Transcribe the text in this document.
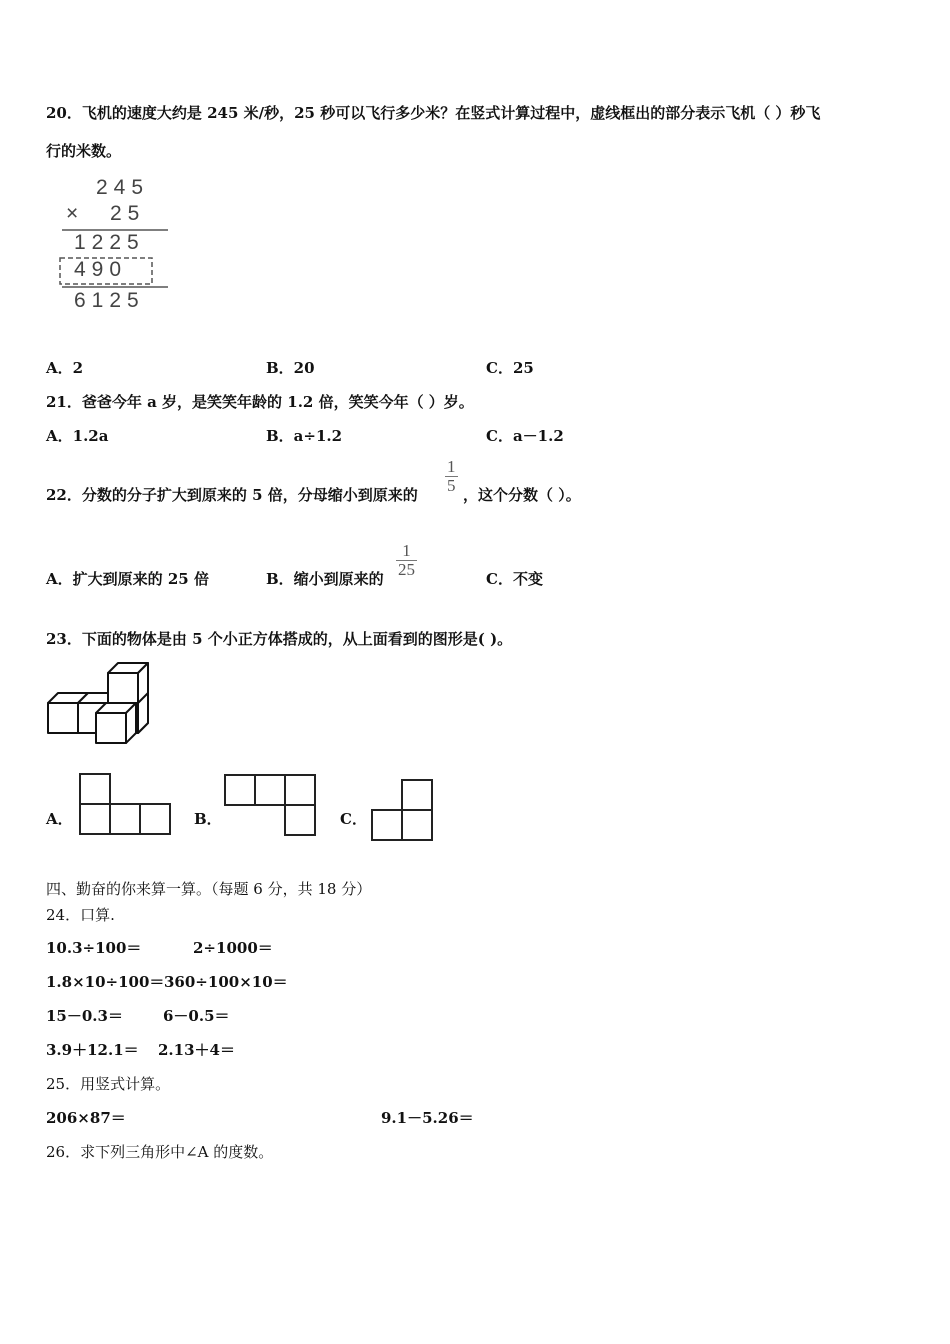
20．飞机的速度大约是 245 米/秒，25 秒可以飞行多少米？在竖式计算过程中，虚线框出的部分表示飞机（ ）秒飞
行的米数。
245
× 25
1225
490
6125
A．2	B．20	C．25
21．爸爸今年 a 岁，是笑笑年龄的 1.2 倍，笑笑今年（ ）岁。
A．1.2a	B．a÷1.2	C．a－1.2
22．分数的分子扩大到原来的 5 倍，分母缩小到原来的 $\frac{1}{5}$ ，这个分数（ ）。
A．扩大到原来的 25 倍	B．缩小到原来的 $\frac{1}{25}$	C．不变
23．下面的物体是由 5 个小正方体搭成的，从上面看到的图形是( )。
A．	B．	C．
四、勤奋的你来算一算。（每题 6 分，共 18 分）
24．口算.
10.3÷100＝	2÷1000＝
1.8×10÷100＝ 360÷100×10＝
15－0.3＝	6－0.5＝
3.9＋12.1＝ 2.13＋4＝
25．用竖式计算。
206×87＝	9.1－5.26＝
26．求下列三角形中∠A 的度数。
